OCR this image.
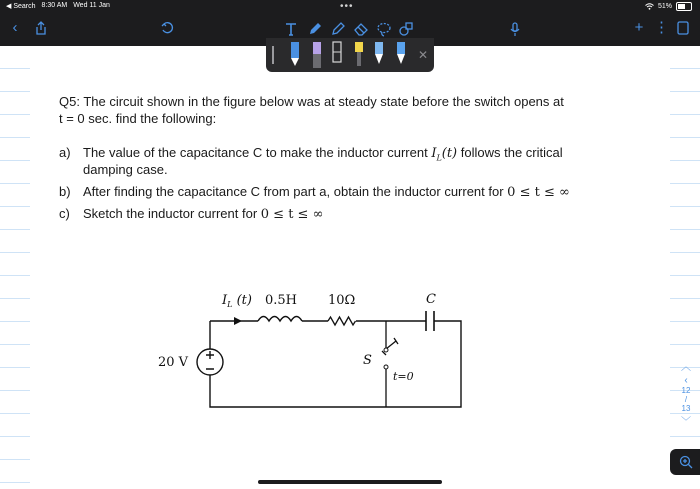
◀ Search 8:30 AM Wed 11 Jan	•••	51%
‹	+ ⋮
✕
Q5: The circuit shown in the figure below was at steady state before the switch opens at
t = 0 sec. find the following:
a) The value of the capacitance C to make the inductor current $I_L(t)$ follows the critical
damping case.
b) After finding the capacitance C from part a, obtain the inductor current for 0 ≤ t ≤ ∞
c) Sketch the inductor current for 0 ≤ t ≤ ∞
$I_L$ (t) 0.5H 10Ω	C
20 V	S
t=0
︿
‹
12
/
13
﹀
